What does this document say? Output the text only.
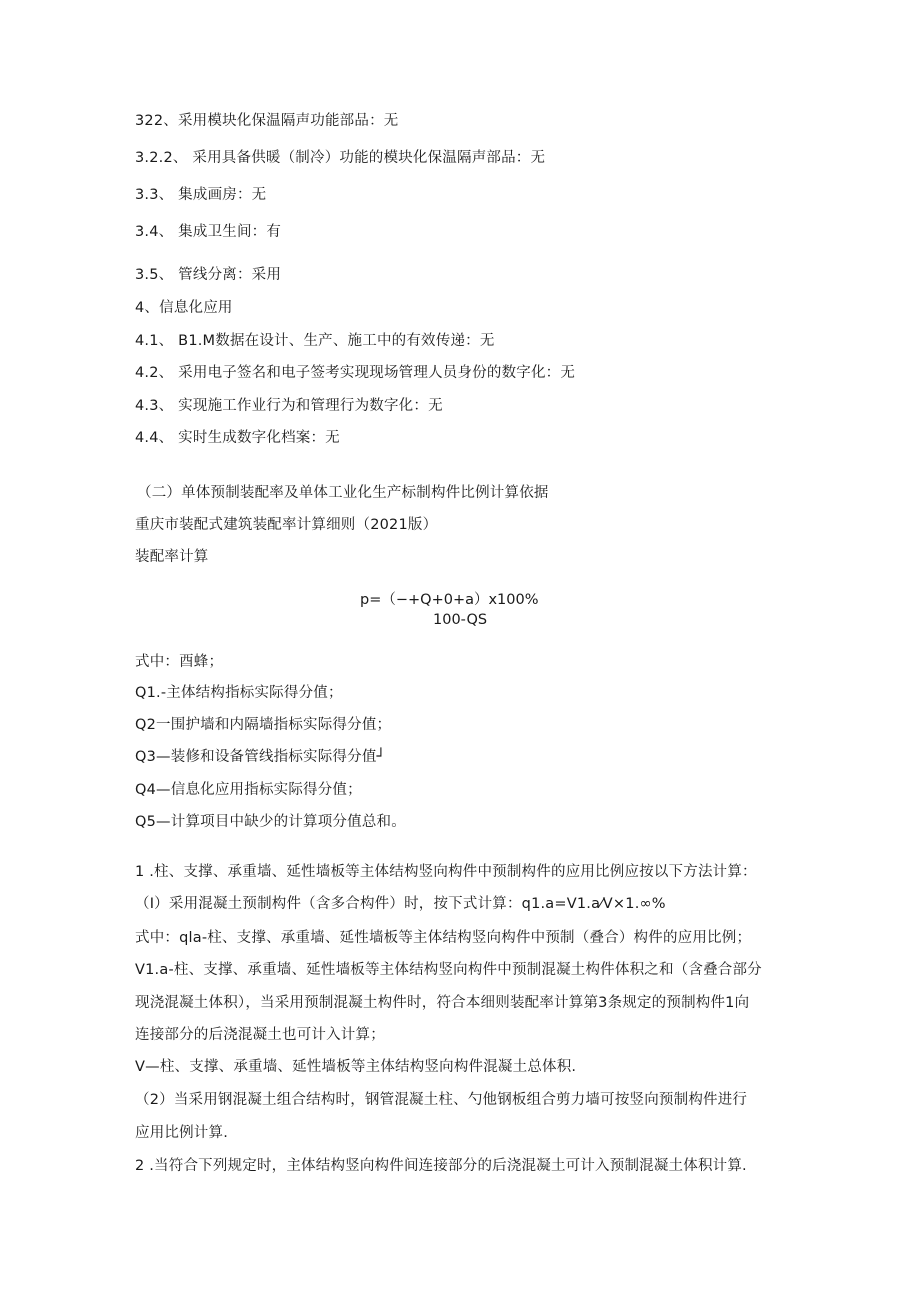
322、采用模块化保温隔声功能部品：无
3.2.2、 采用具备供暖（制冷）功能的模块化保温隔声部品：无
3.3、 集成画房：无
3.4、 集成卫生间：有
3.5、 管线分离：采用
4、信息化应用
4.1、 B1.M数据在设计、生产、施工中的有效传递：无
4.2、 采用电子签名和电子签考实现现场管理人员身份的数字化：无
4.3、 实现施工作业行为和管理行为数字化：无
4.4、 实时生成数字化档案：无
（二）单体预制装配率及单体工业化生产标制构件比例计算依据
重庆市装配式建筑装配率计算细则（2021版）
装配率计算
p=（−+Q+0+a）x100%
100-QS
式中：酉蜂；
Q1.-主体结构指标实际得分值；
Q2一围护墙和内隔墙指标实际得分值；
Q3—装修和设备管线指标实际得分值┘
Q4—信息化应用指标实际得分值；
Q5—计算项目中缺少的计算项分值总和。
1 .柱、支撑、承重墙、延性墙板等主体结构竖向构件中预制构件的应用比例应按以下方法计算：
（I）采用混凝土预制构件（含多合构件）时，按下式计算：q1.a=V1.a⁄V×1.∞%
式中：qla-柱、支撑、承重墙、延性墙板等主体结构竖向构件中预制（叠合）构件的应用比例；
V1.a-柱、支撑、承重墙、延性墙板等主体结构竖向构件中预制混凝土构件体积之和（含叠合部分
现浇混凝土体积），当采用预制混凝土构件时，符合本细则装配率计算第3条规定的预制构件1向
连接部分的后浇混凝土也可计入计算；
V—柱、支撑、承重墙、延性墙板等主体结构竖向构件混凝土总体积.
（2）当采用钢混凝土组合结构时，钢管混凝土柱、勺他钢板组合剪力墙可按竖向预制构件进行
应用比例计算.
2 .当符合下列规定时，主体结构竖向构件间连接部分的后浇混凝土可计入预制混凝土体积计算.
